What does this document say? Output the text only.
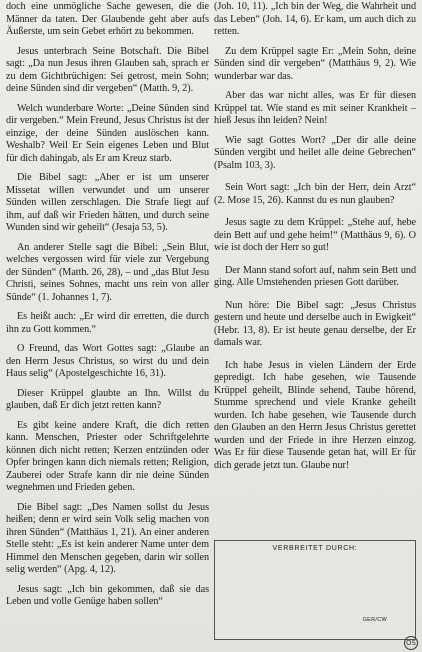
doch eine unmögliche Sache gewesen, die die Männer da taten. Der Glaubende geht aber aufs Äußerste, um sein Gebet erhört zu bekommen.

Jesus unterbrach Seine Botschaft. Die Bibel sagt: „Da nun Jesus ihren Glauben sah, sprach er zu dem Gichtbrüchigen: Sei getrost, mein Sohn; deine Sünden sind dir vergeben“ (Matth. 9, 2).

Welch wunderbare Worte: „Deine Sünden sind dir vergeben.“ Mein Freund, Jesus Christus ist der einzige, der deine Sünden auslöschen kann. Weshalb? Weil Er Sein eigenes Leben und Blut für dich dahingab, als Er am Kreuz starb.

Die Bibel sagt: „Aber er ist um unserer Missetat willen verwundet und um unserer Sünden willen zerschlagen. Die Strafe liegt auf ihm, auf daß wir Frieden hätten, und durch seine Wunden sind wir geheilt“ (Jesaja 53, 5).

An anderer Stelle sagt die Bibel: „Sein Blut, welches vergossen wird für viele zur Vergebung der Sünden“ (Matth. 26, 28), – und „das Blut Jesu Christi, seines Sohnes, macht uns rein von aller Sünde“ (1. Johannes 1, 7).

Es heißt auch: „Er wird dir erretten, die durch ihn zu Gott kommen.“

O Freund, das Wort Gottes sagt: „Glaube an den Herrn Jesus Christus, so wirst du und dein Haus selig“ (Apostelgeschichte 16, 31).

Dieser Krüppel glaubte an Ihn. Willst du glauben, daß Er dich jetzt retten kann?

Es gibt keine andere Kraft, die dich retten kann. Menschen, Priester oder Schriftgelehrte können dich nicht retten; Kerzen entzünden oder Opfer bringen kann dich niemals retten; Religion, Zauberei oder Strafe kann dir nie deine Sünden wegnehmen und Frieden geben.

Die Bibel sagt: „Des Namen sollst du Jesus heißen; denn er wird sein Volk selig machen von ihren Sünden“ (Matthäus 1, 21). An einer anderen Stelle steht: „Es ist kein anderer Name unter dem Himmel den Menschen gegeben, darin wir sollen selig werden“ (Apg. 4, 12).

Jesus sagt: „Ich bin gekommen, daß sie das Leben und volle Genüge haben sollen“

(Joh. 10, 11). „Ich bin der Weg, die Wahrheit und das Leben“ (Joh. 14, 6). Er kam, um auch dich zu retten.

Zu dem Krüppel sagte Er: „Mein Sohn, deine Sünden sind dir vergeben“ (Matthäus 9, 2). Wie wunderbar war das.

Aber das war nicht alles, was Er für diesen Krüppel tat. Wie stand es mit seiner Krankheit – hieß Jesus ihn leiden? Nein!

Wie sagt Gottes Wort? „Der dir alle deine Sünden vergibt und heilet alle deine Gebrechen“ (Psalm 103, 3).

Sein Wort sagt: „Ich bin der Herr, dein Arzt“ (2. Mose 15, 26). Kannst du es nun glauben?

Jesus sagte zu dem Krüppel: „Stehe auf, hebe dein Bett auf und gehe heim!“ (Matthäus 9, 6). O wie ist doch der Herr so gut!

Der Mann stand sofort auf, nahm sein Bett und ging. Alle Umstehenden priesen Gott darüber.

Nun höre: Die Bibel sagt: „Jesus Christus gestern und heute und derselbe auch in Ewigkeit“ (Hebr. 13, 8). Er ist heute genau derselbe, der Er damals war.

Ich habe Jesus in vielen Ländern der Erde gepredigt. Ich habe gesehen, wie Tausende Krüppel geheilt, Blinde sehend, Taube hörend, Stumme sprechend und viele Kranke geheilt wurden. Ich habe gesehen, wie Tausende durch den Glauben an den Herrn Jesus Christus gerettet wurden und der Friede in ihre Herzen einzog. Was Er für diese Tausende getan hat, will Er für dich gerade jetzt tun. Glaube nur!

VERBREITET DURCH:
GER/CW
OS
